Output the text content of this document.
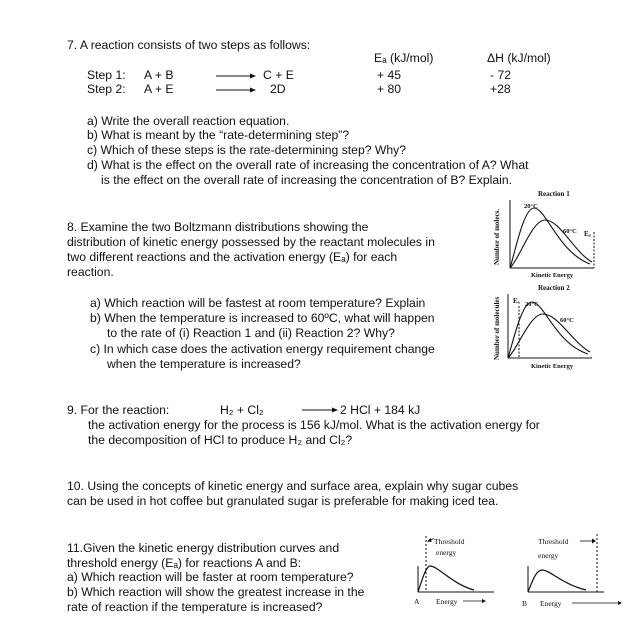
7. A reaction consists of two steps as follows:
Eₐ (kJ/mol)	ΔH (kJ/mol)
Step 1: A + B	→ C + E	+ 45	- 72
Step 2: A + E	→ 2D	+ 80	+28
a) Write the overall reaction equation.
b) What is meant by the “rate-determining step”?
c) Which of these steps is the rate-determining step? Why?
d) What is the effect on the overall rate of increasing the concentration of A? What
is the effect on the overall rate of increasing the concentration of B? Explain.
8. Examine the two Boltzmann distributions showing the
distribution of kinetic energy possessed by the reactant molecules in
two different reactions and the activation energy (Eₐ) for each
reaction.
a) Which reaction will be fastest at room temperature? Explain
b) When the temperature is increased to 60ºC, what will happen
to the rate of (i) Reaction 1 and (ii) Reaction 2? Why?
c) In which case does the activation energy requirement change
when the temperature is increased?
Reaction 1
Number of molecs.
20°C
60°C Eₐ
Kinetic Energy
Reaction 2
Number of molecules Eₐ 20°C
60°C
Kinetic Energy
9. For the reaction:	H₂ + Cl₂	→ 2 HCl + 184 kJ
the activation energy for the process is 156 kJ/mol. What is the activation energy for
the decomposition of HCl to produce H₂ and Cl₂?
10. Using the concepts of kinetic energy and surface area, explain why sugar cubes
can be used in hot coffee but granulated sugar is preferable for making iced tea.
11.Given the kinetic energy distribution curves and
threshold energy (Eₐ) for reactions A and B:
a) Which reaction will be faster at room temperature?
b) Which reaction will show the greatest increase in the
rate of reaction if the temperature is increased?
Threshold
energy
A Energy
Threshold
energy
B Energy
